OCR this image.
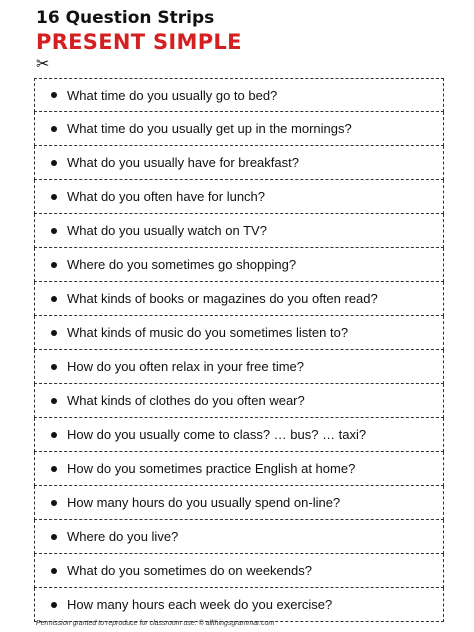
16 Question Strips
PRESENT SIMPLE
✂
What time do you usually go to bed?
What time do you usually get up in the mornings?
What do you usually have for breakfast?
What do you often have for lunch?
What do you usually watch on TV?
Where do you sometimes go shopping?
What kinds of books or magazines do you often read?
What kinds of music do you sometimes listen to?
How do you often relax in your free time?
What kinds of clothes do you often wear?
How do you usually come to class? … bus? … taxi?
How do you sometimes practice English at home?
How many hours do you usually spend on-line?
Where do you live?
What do you sometimes do on weekends?
How many hours each week do you exercise?
Permission granted to reproduce for classroom use. © allthingsgrammar.com
